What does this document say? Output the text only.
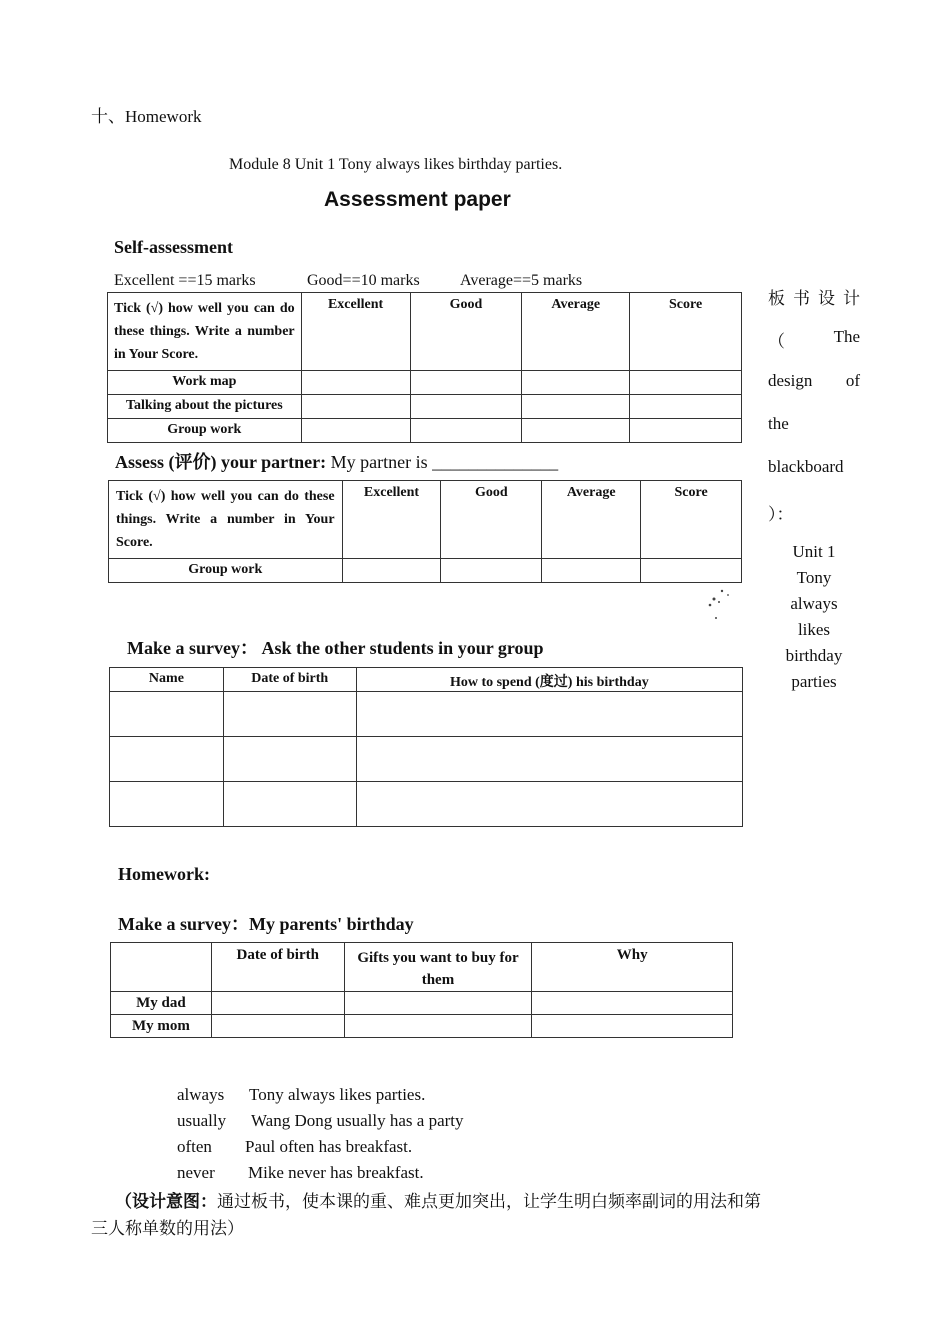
十、Homework
Module 8 Unit 1 Tony always likes birthday parties.
Assessment paper
Self-assessment
Excellent ==15 marks	Good==10 marks	Average==5 marks
Tick (√) how well you can do these things. Write a number in Your Score.	Excellent	Good	Average	Score
Work map				
Talking about the pictures				
Group work				
Assess (评价) your partner: My partner is ______________
Tick (√) how well you can do these things. Write a number in Your Score.	Excellent	Good	Average	Score
Group work				
Make a survey： Ask the other students in your group
Name	Date of birth	How to spend (度过) his birthday

Homework:
Make a survey：My parents' birthday
	Date of birth	Gifts you want to buy for them	Why
My dad			
My mom			
板 书 设 计
（	The
design of
the
blackboard
）：
Unit 1
Tony
always
likes
birthday
parties
always Tony always likes parties.
usually Wang Dong usually has a party
often Paul often has breakfast.
never Mike never has breakfast.
（设计意图：通过板书，使本课的重、难点更加突出，让学生明白频率副词的用法和第
三人称单数的用法）
